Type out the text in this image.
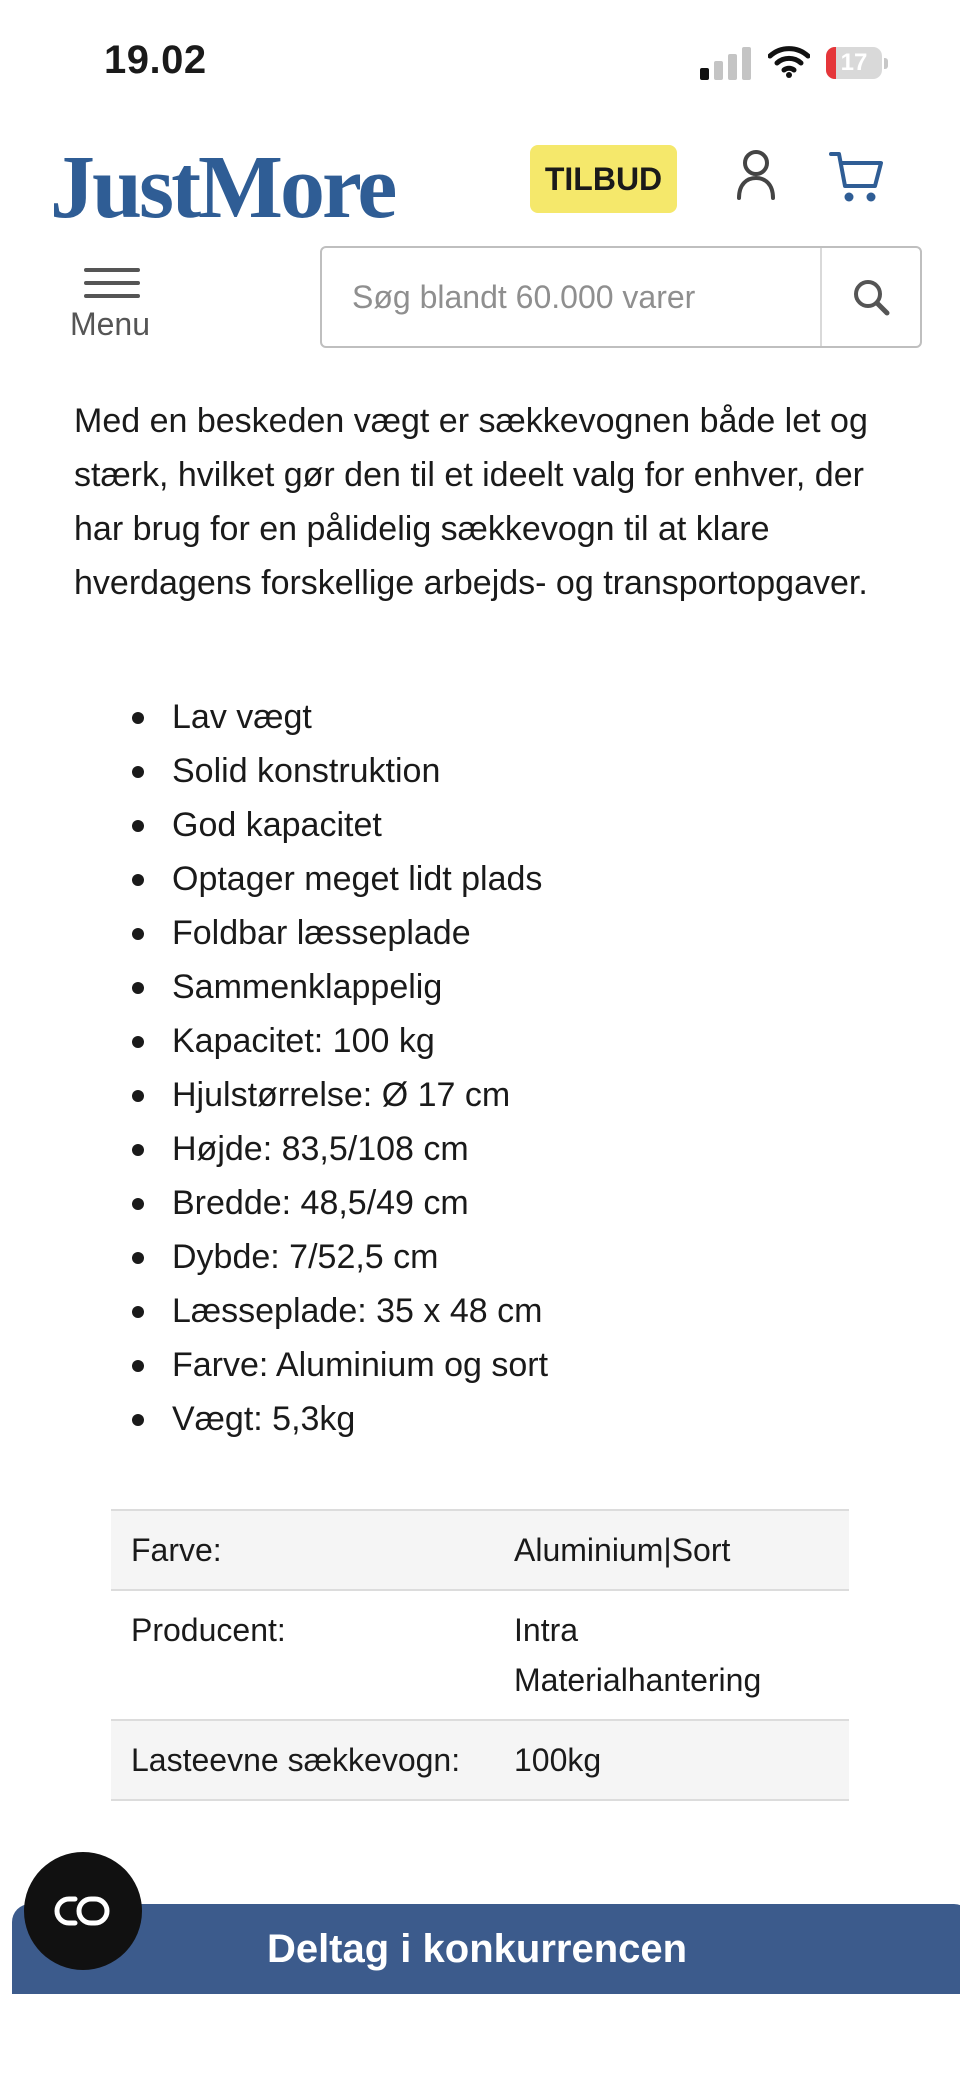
19.02	17
JustMore	TILBUD
Menu
Søg blandt 60.000 varer

Med en beskeden vægt er sækkevognen både let og stærk, hvilket gør den til et ideelt valg for enhver, der har brug for en pålidelig sækkevogn til at klare hverdagens forskellige arbejds- og transportopgaver.

Lav vægt
Solid konstruktion
God kapacitet
Optager meget lidt plads
Foldbar læsseplade
Sammenklappelig
Kapacitet: 100 kg
Hjulstørrelse: Ø 17 cm
Højde: 83,5/108 cm
Bredde: 48,5/49 cm
Dybde: 7/52,5 cm
Læsseplade: 35 x 48 cm
Farve: Aluminium og sort
Vægt: 5,3kg
Farve:	Aluminium|Sort
Producent:	Intra Materialhantering
Lasteevne sækkevogn:	100kg
Deltag i konkurrencen
